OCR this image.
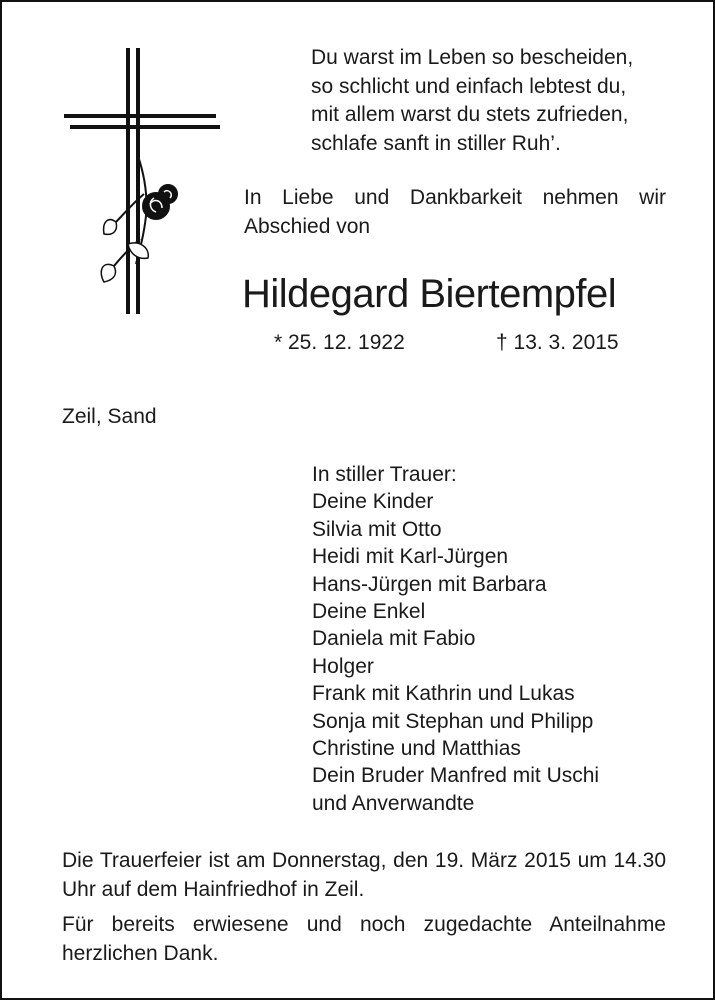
Du warst im Leben so bescheiden,
so schlicht und einfach lebtest du,
mit allem warst du stets zufrieden,
schlafe sanft in stiller Ruh’.
In Liebe und Dankbarkeit nehmen wir Abschied von
Hildegard Biertempfel
* 25. 12. 1922	† 13. 3. 2015
Zeil, Sand
In stiller Trauer:
Deine Kinder
Silvia mit Otto
Heidi mit Karl-Jürgen
Hans-Jürgen mit Barbara
Deine Enkel
Daniela mit Fabio
Holger
Frank mit Kathrin und Lukas
Sonja mit Stephan und Philipp
Christine und Matthias
Dein Bruder Manfred mit Uschi
und Anverwandte
Die Trauerfeier ist am Donnerstag, den 19. März 2015 um 14.30 Uhr auf dem Hainfriedhof in Zeil.
Für bereits erwiesene und noch zugedachte Anteilnahme herzlichen Dank.
